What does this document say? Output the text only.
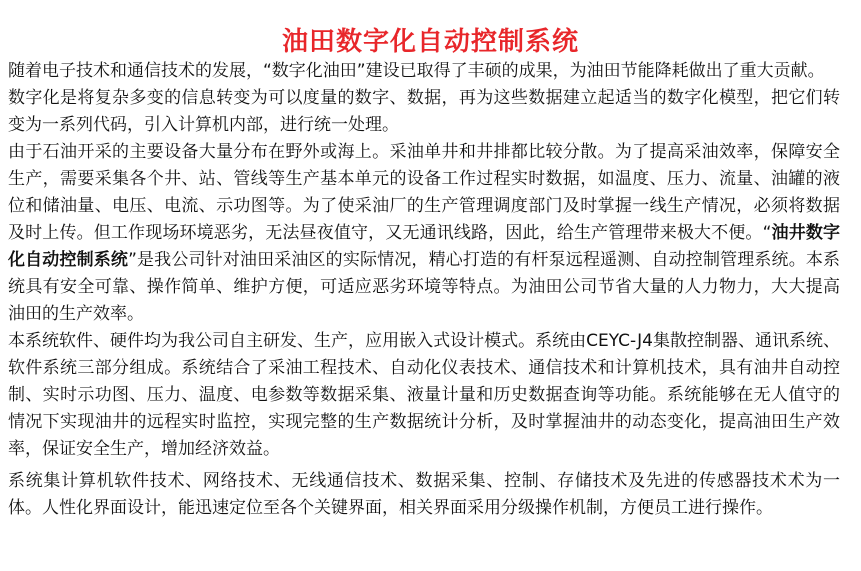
油田数字化自动控制系统

随着电子技术和通信技术的发展，“数字化油田”建设已取得了丰硕的成果，为油田节能降耗做出了重大贡献。

数字化是将复杂多变的信息转变为可以度量的数字、数据，再为这些数据建立起适当的数字化模型，把它们转变为一系列代码，引入计算机内部，进行统一处理。

由于石油开采的主要设备大量分布在野外或海上。采油单井和井排都比较分散。为了提高采油效率，保障安全生产，需要采集各个井、站、管线等生产基本单元的设备工作过程实时数据，如温度、压力、流量、油罐的液位和储油量、电压、电流、示功图等。为了使采油厂的生产管理调度部门及时掌握一线生产情况，必须将数据及时上传。但工作现场环境恶劣，无法昼夜值守，又无通讯线路，因此，给生产管理带来极大不便。“油井数字化自动控制系统”是我公司针对油田采油区的实际情况，精心打造的有杆泵远程遥测、自动控制管理系统。本系统具有安全可靠、操作简单、维护方便，可适应恶劣环境等特点。为油田公司节省大量的人力物力，大大提高油田的生产效率。

本系统软件、硬件均为我公司自主研发、生产，应用嵌入式设计模式。系统由CEYC-J4集散控制器、通讯系统、软件系统三部分组成。系统结合了采油工程技术、自动化仪表技术、通信技术和计算机技术，具有油井自动控制、实时示功图、压力、温度、电参数等数据采集、液量计量和历史数据查询等功能。系统能够在无人值守的情况下实现油井的远程实时监控，实现完整的生产数据统计分析，及时掌握油井的动态变化，提高油田生产效率，保证安全生产，增加经济效益。

系统集计算机软件技术、网络技术、无线通信技术、数据采集、控制、存储技术及先进的传感器技术术为一体。人性化界面设计，能迅速定位至各个关键界面，相关界面采用分级操作机制，方便员工进行操作。
